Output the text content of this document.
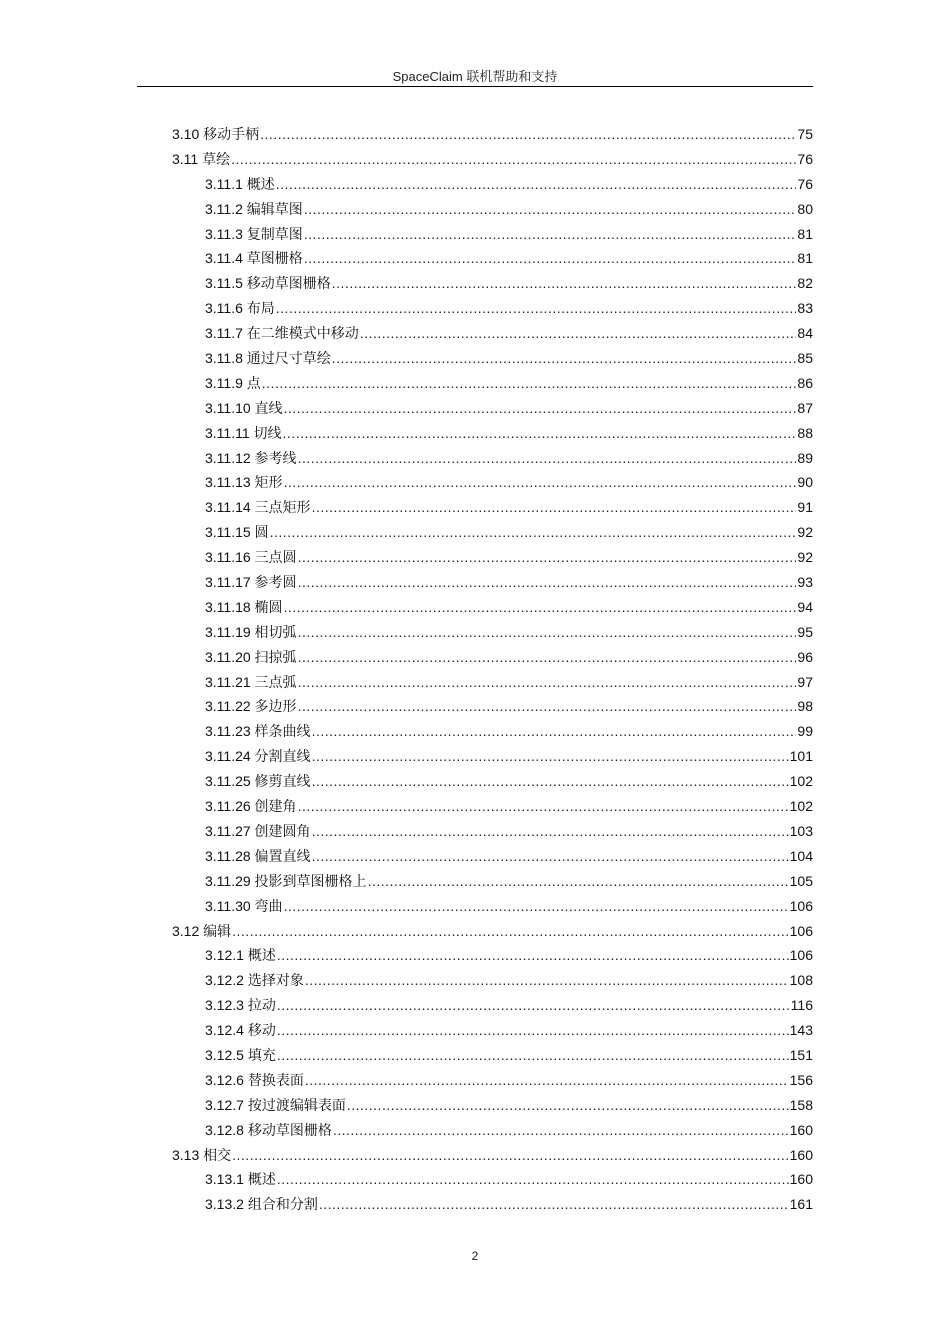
SpaceClaim 联机帮助和支持
3.10 移动手柄 .....	75
3.11 草绘 .....	76
3.11.1 概述 .....	76
3.11.2 编辑草图 .....	80
3.11.3 复制草图 .....	81
3.11.4 草图栅格 .....	81
3.11.5 移动草图栅格 .....	82
3.11.6 布局 .....	83
3.11.7 在二维模式中移动 .....	84
3.11.8 通过尺寸草绘 .....	85
3.11.9 点 .....	86
3.11.10 直线 .....	87
3.11.11 切线 .....	88
3.11.12 参考线 .....	89
3.11.13 矩形 .....	90
3.11.14 三点矩形 .....	91
3.11.15 圆 .....	92
3.11.16 三点圆 .....	92
3.11.17 参考圆 .....	93
3.11.18 椭圆 .....	94
3.11.19 相切弧 .....	95
3.11.20 扫掠弧 .....	96
3.11.21 三点弧 .....	97
3.11.22 多边形 .....	98
3.11.23 样条曲线 .....	99
3.11.24 分割直线 .....	101
3.11.25 修剪直线 .....	102
3.11.26 创建角 .....	102
3.11.27 创建圆角 .....	103
3.11.28 偏置直线 .....	104
3.11.29 投影到草图栅格上 .....	105
3.11.30 弯曲 .....	106
3.12 编辑 .....	106
3.12.1 概述 .....	106
3.12.2 选择对象 .....	108
3.12.3 拉动 .....	116
3.12.4 移动 .....	143
3.12.5 填充 .....	151
3.12.6 替换表面 .....	156
3.12.7 按过渡编辑表面 .....	158
3.12.8 移动草图栅格 .....	160
3.13 相交 .....	160
3.13.1 概述 .....	160
3.13.2 组合和分割 .....	161
2
